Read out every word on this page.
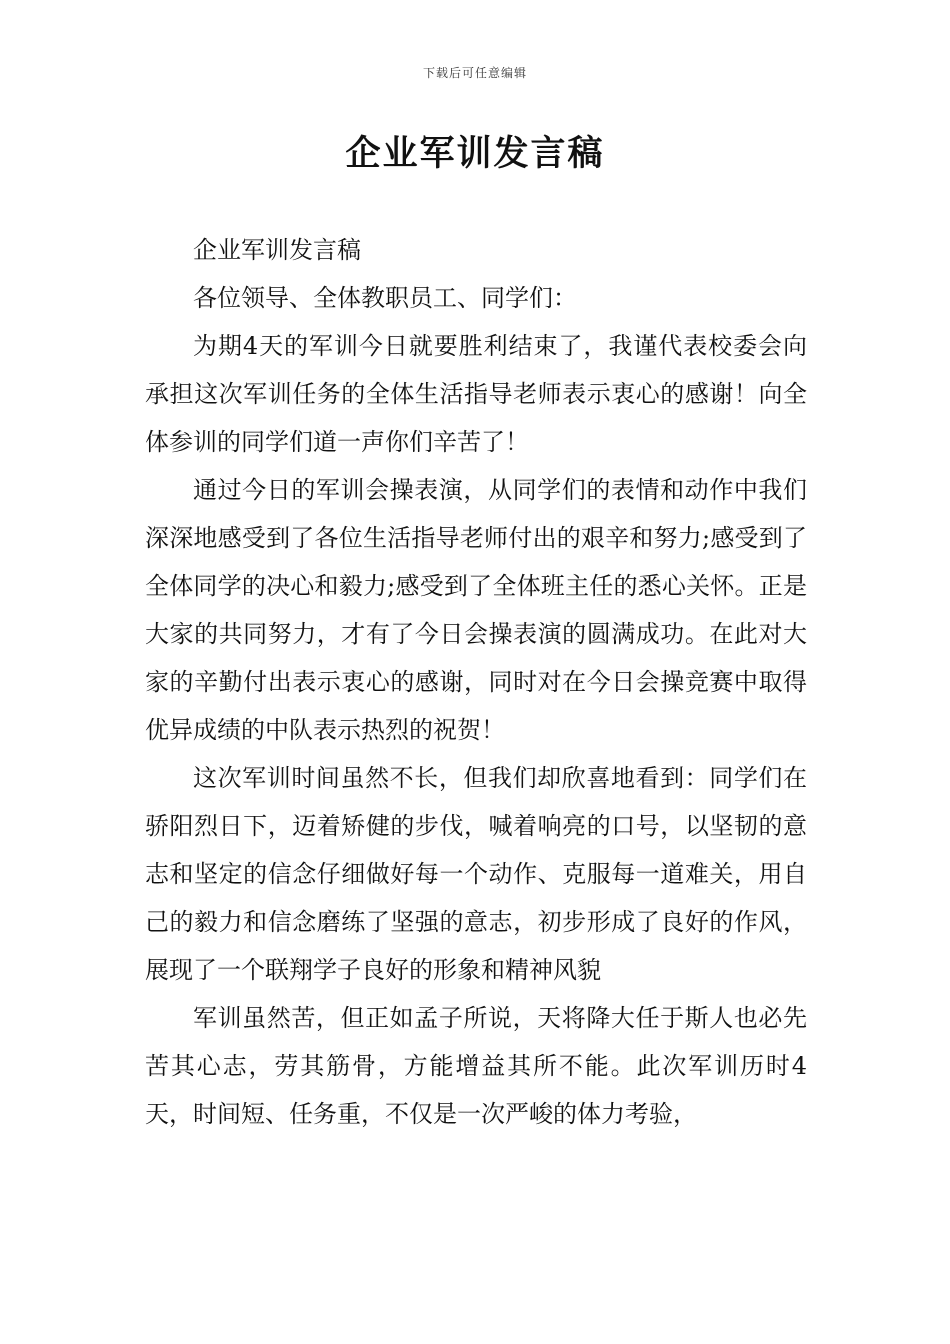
下载后可任意编辑
企业军训发言稿

企业军训发言稿

各位领导、全体教职员工、同学们：

为期4天的军训今日就要胜利结束了，我谨代表校委会向承担这次军训任务的全体生活指导老师表示衷心的感谢！向全体参训的同学们道一声你们辛苦了！

通过今日的军训会操表演，从同学们的表情和动作中我们深深地感受到了各位生活指导老师付出的艰辛和努力;感受到了全体同学的决心和毅力;感受到了全体班主任的悉心关怀。正是大家的共同努力，才有了今日会操表演的圆满成功。在此对大家的辛勤付出表示衷心的感谢，同时对在今日会操竞赛中取得优异成绩的中队表示热烈的祝贺！

这次军训时间虽然不长，但我们却欣喜地看到：同学们在骄阳烈日下，迈着矫健的步伐，喊着响亮的口号，以坚韧的意志和坚定的信念仔细做好每一个动作、克服每一道难关，用自己的毅力和信念磨练了坚强的意志，初步形成了良好的作风，展现了一个联翔学子良好的形象和精神风貌

军训虽然苦，但正如孟子所说，天将降大任于斯人也必先苦其心志，劳其筋骨，方能增益其所不能。此次军训历时4天，时间短、任务重，不仅是一次严峻的体力考验，
